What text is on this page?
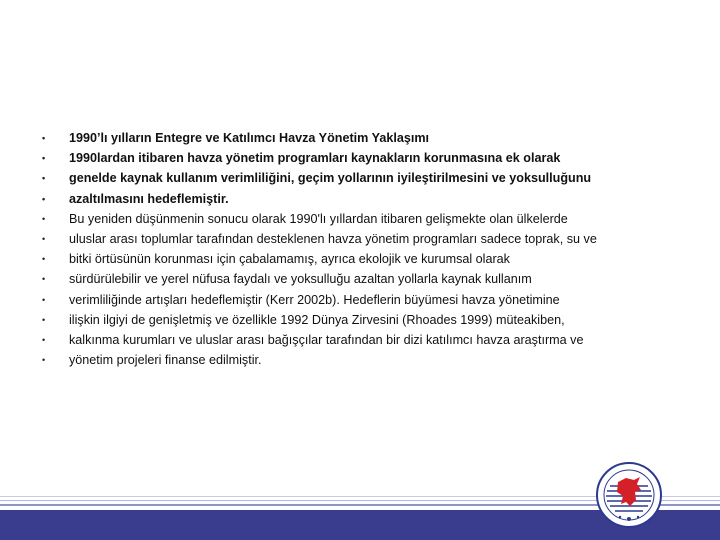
• 1990’lı yılların Entegre ve Katılımcı Havza Yönetim Yaklaşımı
• 1990lardan itibaren havza yönetim programları kaynakların korunmasına ek olarak
• genelde kaynak kullanım verimliliğini, geçim yollarının iyileştirilmesini ve yoksulluğunu
• azaltılmasını hedeflemiştir.
• Bu yeniden düşünmenin sonucu olarak 1990'lı yıllardan itibaren gelişmekte olan ülkelerde
• uluslar arası toplumlar tarafından desteklenen havza yönetim programları sadece toprak, su ve
• bitki örtüsünün korunması için çabalamamış, ayrıca ekolojik ve kurumsal olarak
• sürdürülebilir ve yerel nüfusa faydalı ve yoksulluğu azaltan yollarla kaynak kullanım
• verimliliğinde artışları hedeflemiştir (Kerr 2002b). Hedeflerin büyümesi havza yönetimine
• ilişkin ilgiyi de genişletmiş ve özellikle 1992 Dünya Zirvesini (Rhoades 1999) müteakiben,
• kalkınma kurumları ve uluslar arası bağışçılar tarafından bir dizi katılımcı havza araştırma ve
• yönetim projeleri finanse edilmiştir.
